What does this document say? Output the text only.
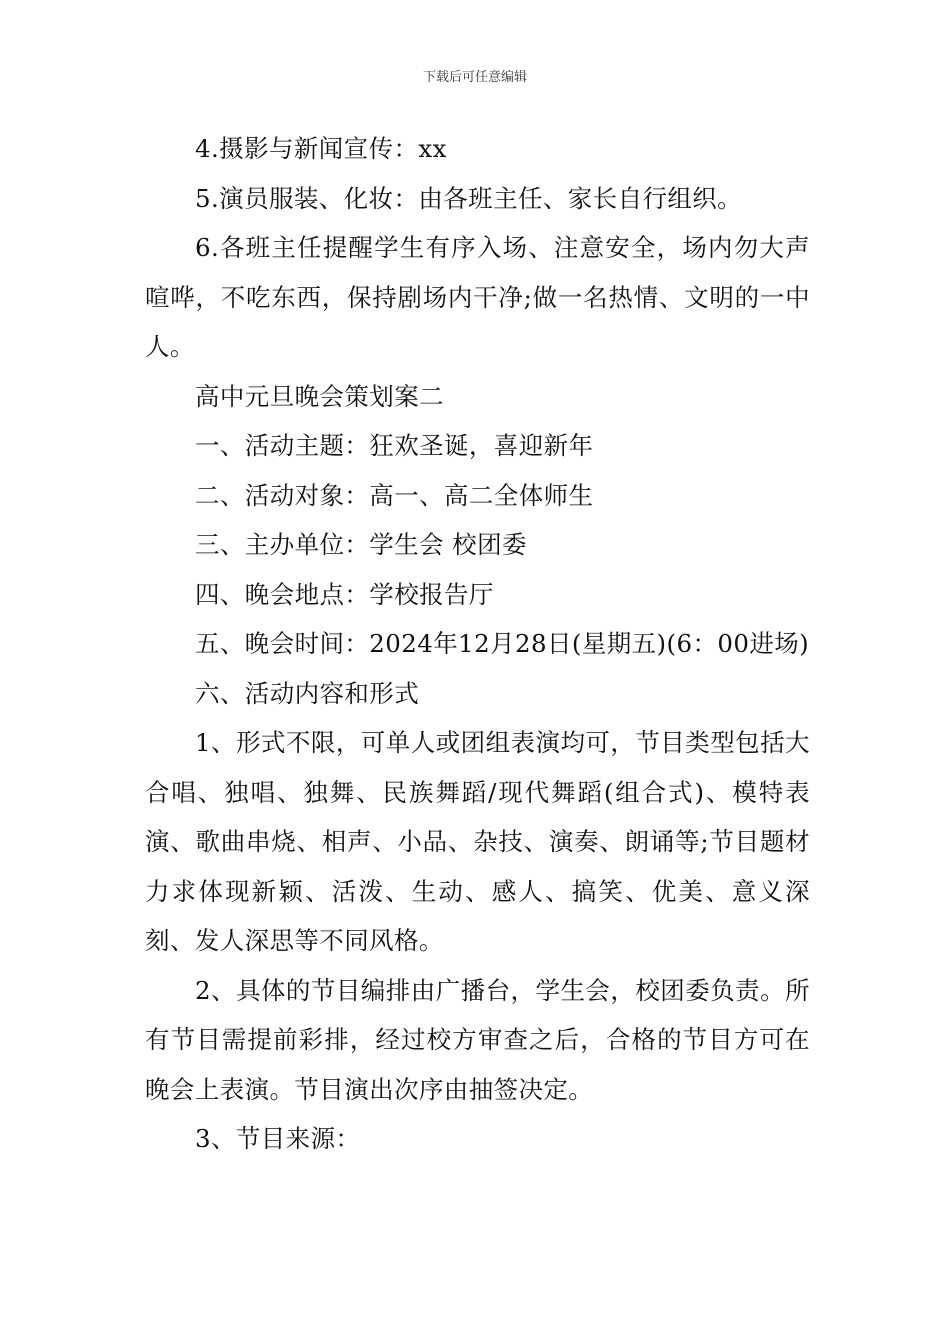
下载后可任意编辑

4.摄影与新闻宣传：xx

5.演员服装、化妆：由各班主任、家长自行组织。

6.各班主任提醒学生有序入场、注意安全，场内勿大声喧哗，不吃东西，保持剧场内干净;做一名热情、文明的一中人。

高中元旦晚会策划案二

一、活动主题：狂欢圣诞，喜迎新年

二、活动对象：高一、高二全体师生

三、主办单位：学生会 校团委

四、晚会地点：学校报告厅

五、晚会时间：2024年12月28日(星期五)(6：00进场)

六、活动内容和形式

1、形式不限，可单人或团组表演均可，节目类型包括大合唱、独唱、独舞、民族舞蹈/现代舞蹈(组合式)、模特表演、歌曲串烧、相声、小品、杂技、演奏、朗诵等;节目题材力求体现新颖、活泼、生动、感人、搞笑、优美、意义深刻、发人深思等不同风格。

2、具体的节目编排由广播台，学生会，校团委负责。所有节目需提前彩排，经过校方审查之后，合格的节目方可在晚会上表演。节目演出次序由抽签决定。

3、节目来源：
